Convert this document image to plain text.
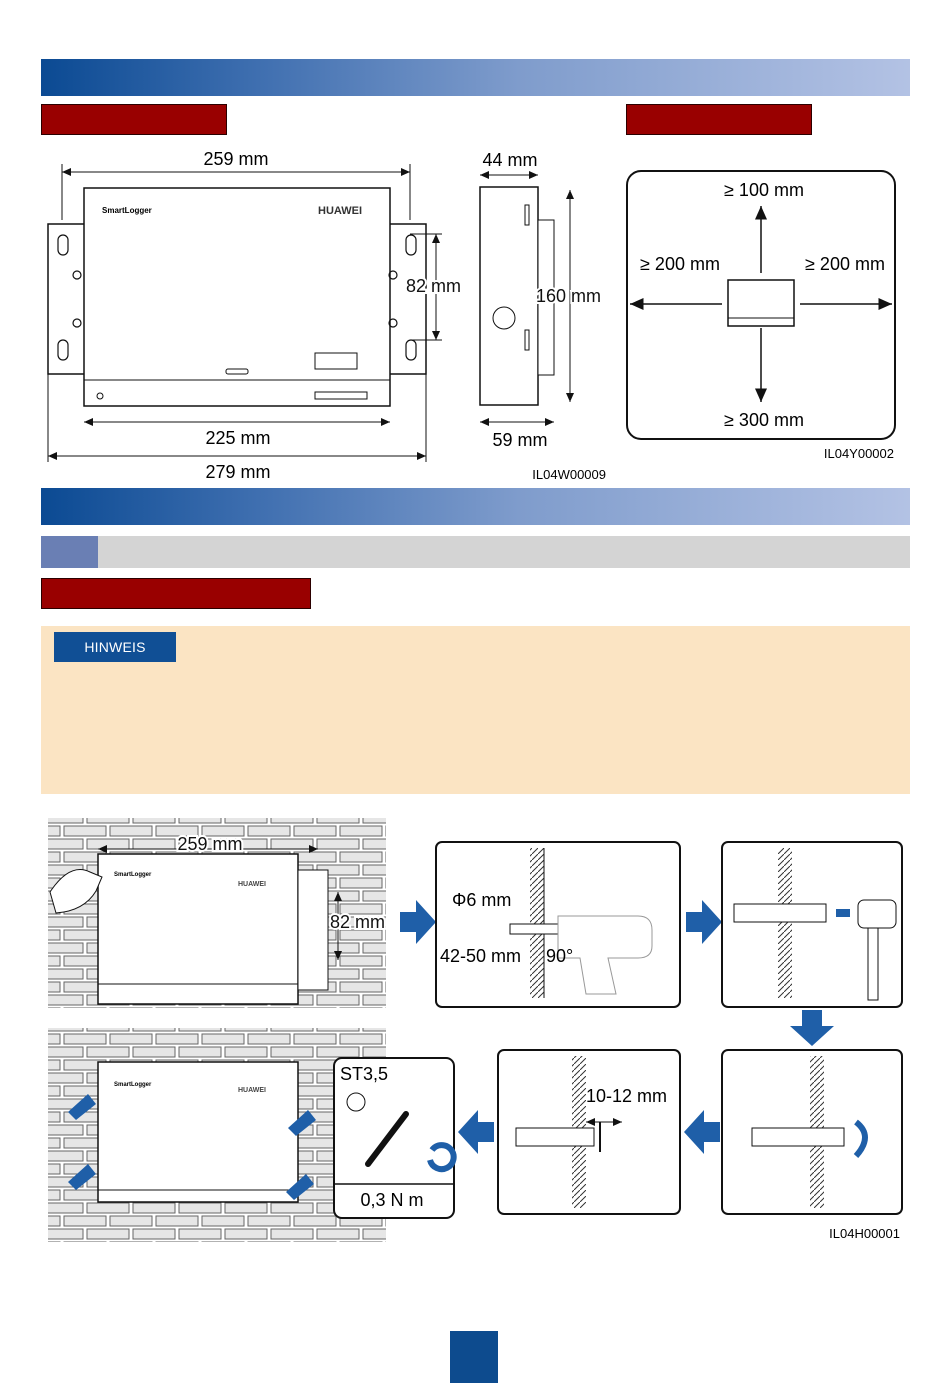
SmartLogger	HUAWEI
259 mm
82 mm
225 mm
279 mm
44 mm
160 mm
59 mm
IL04W00009
≥ 100 mm
≥ 200 mm	≥ 200 mm
≥ 300 mm
IL04Y00002
HINWEIS
SmartLogger
HUAWEI
259 mm
82 mm
Φ6 mm
42-50 mm 90°
SmartLogger
HUAWEI
ST3,5
0,3 N m
10-12 mm
IL04H00001
